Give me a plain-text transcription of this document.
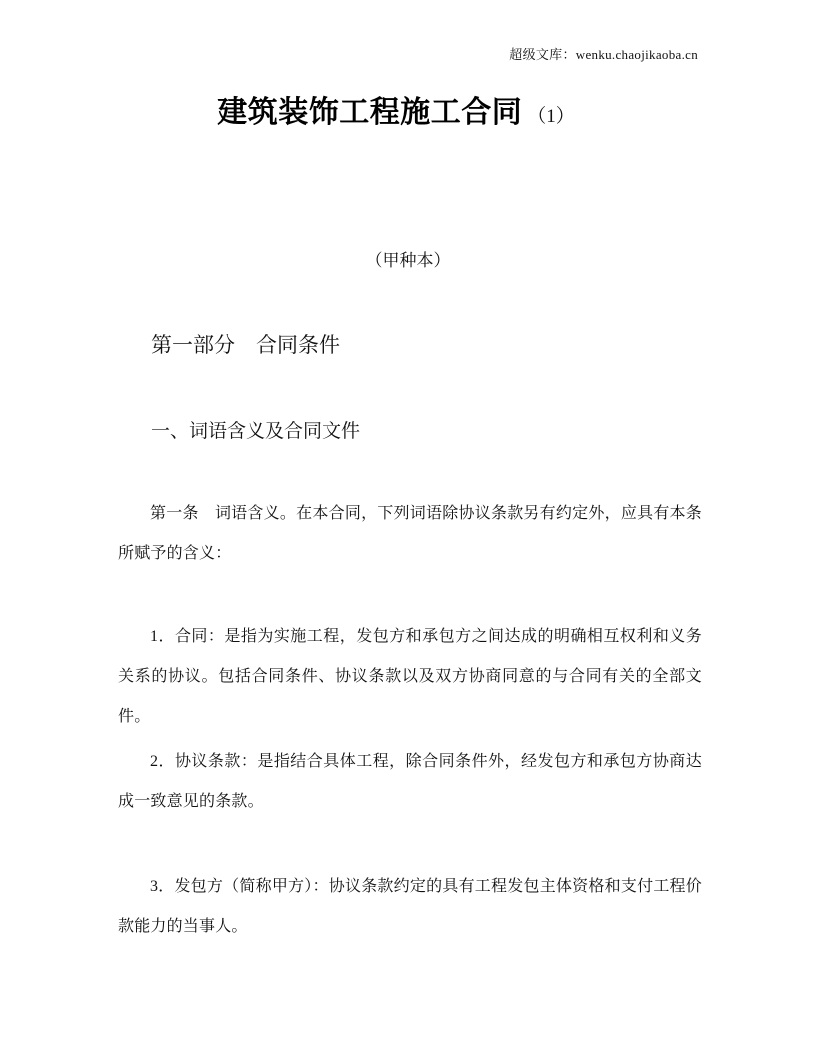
超级文库：wenku.chaojikaoba.cn
建筑装饰工程施工合同 （1）

（甲种本）

第一部分　合同条件

一、词语含义及合同文件

第一条　词语含义。在本合同，下列词语除协议条款另有约定外，应具有本条所赋予的含义：

1．合同：是指为实施工程，发包方和承包方之间达成的明确相互权利和义务关系的协议。包括合同条件、协议条款以及双方协商同意的与合同有关的全部文件。

2．协议条款：是指结合具体工程，除合同条件外，经发包方和承包方协商达成一致意见的条款。

3．发包方（简称甲方）：协议条款约定的具有工程发包主体资格和支付工程价款能力的当事人。
